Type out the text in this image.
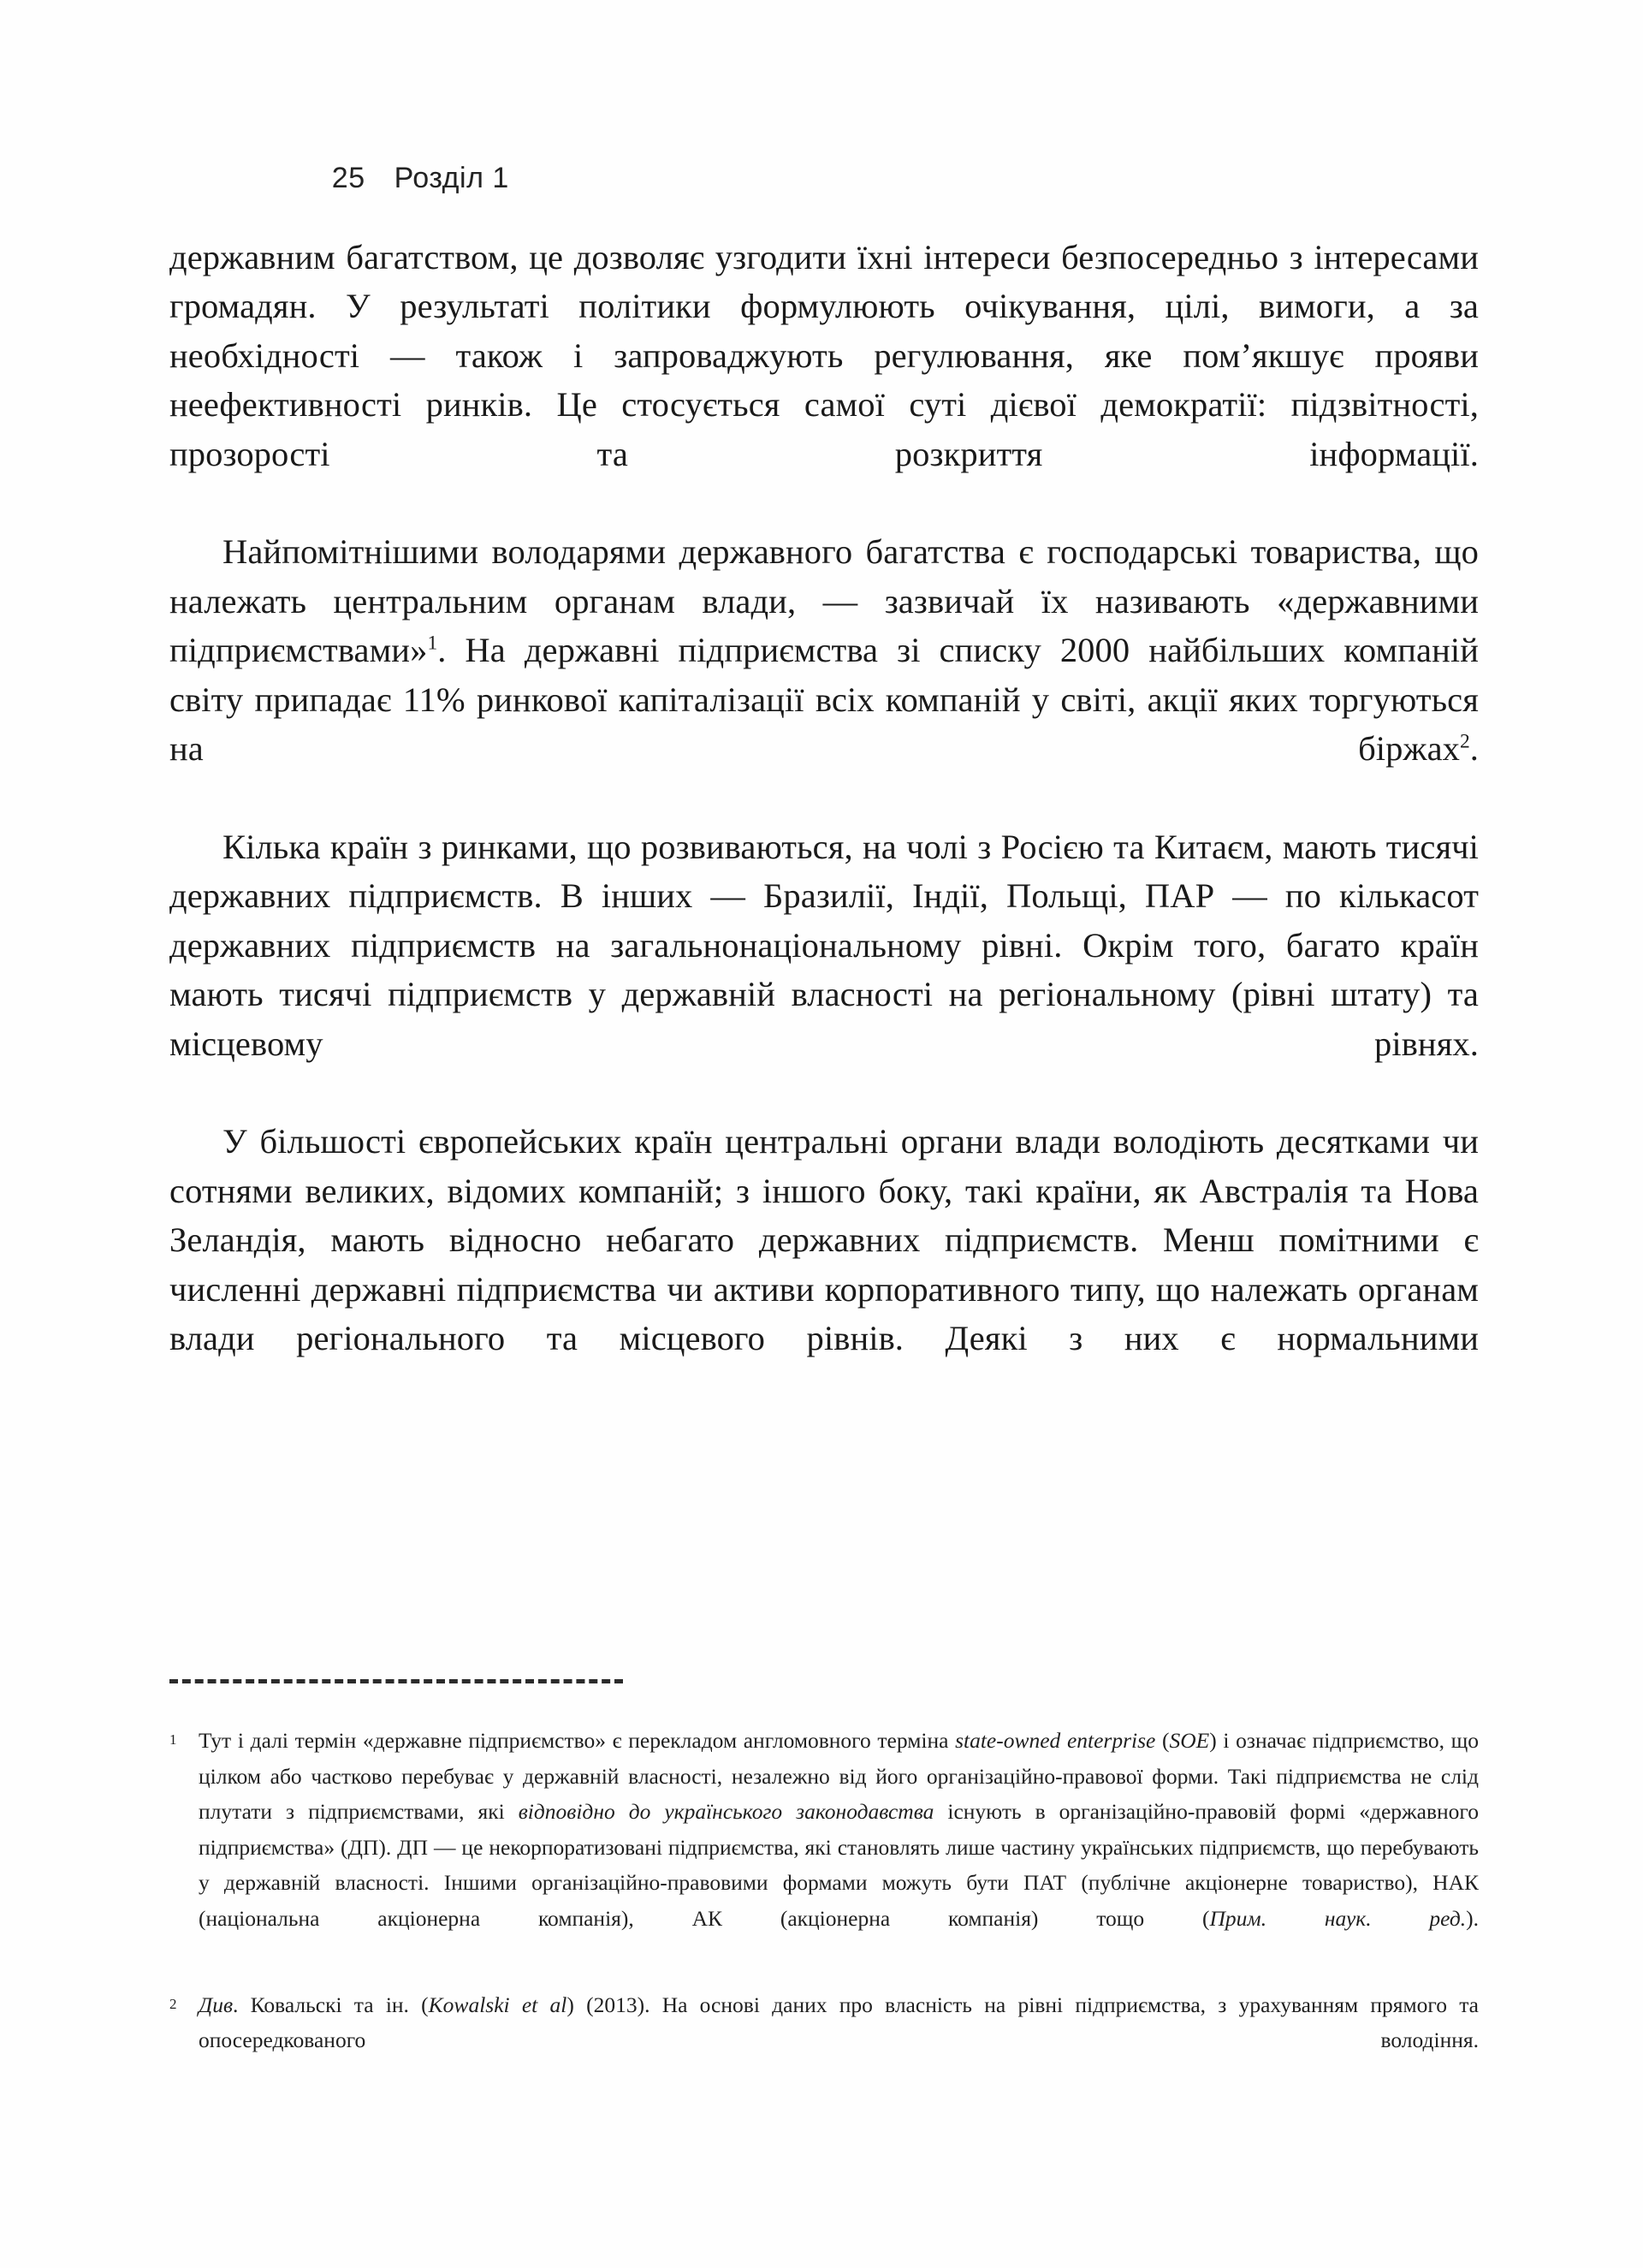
25 Розділ 1

державним багатством, це дозволяє узгодити їхні інтереси безпосередньо з інтересами громадян. У результаті політики формулюють очікування, цілі, вимоги, а за необхідності — також і запроваджують регулювання, яке пом’якшує прояви неефективності ринків. Це стосується самої суті дієвої демократії: підзвітності, прозорості та розкриття інформації.

Найпомітнішими володарями державного багатства є господарські товариства, що належать центральним органам влади, — зазвичай їх називають «державними підприємствами»$^1$. На державні підприємства зі списку 2000 найбільших компаній світу припадає 11% ринкової капіталізації всіх компаній у світі, акції яких торгуються на біржах$^2$.

Кілька країн з ринками, що розвиваються, на чолі з Росією та Китаєм, мають тисячі державних підприємств. В інших — Бразилії, Індії, Польщі, ПАР — по кількасот державних підприємств на загальнонаціональному рівні. Окрім того, багато країн мають тисячі підприємств у державній власності на регіональному (рівні штату) та місцевому рівнях.

У більшості європейських країн центральні органи влади володіють десятками чи сотнями великих, відомих компаній; з іншого боку, такі країни, як Австралія та Нова Зеландія, мають відносно небагато державних підприємств. Менш помітними є численні державні підприємства чи активи корпоративного типу, що належать органам влади регіонального та місцевого рівнів. Деякі з них є нормальними

1 Тут і далі термін «державне підприємство» є перекладом англомовного терміна state-owned enterprise (SOE) і означає підприємство, що цілком або частково перебуває у державній власності, незалежно від його організаційно-правової форми. Такі підприємства не слід плутати з підприємствами, які відповідно до українського законодавства існують в організаційно-правовій формі «державного підприємства» (ДП). ДП — це некорпоратизовані підприємства, які становлять лише частину українських підприємств, що перебувають у державній власності. Іншими організаційно-правовими формами можуть бути ПАТ (публічне акціонерне товариство), НАК (національна акціонерна компанія), АК (акціонерна компанія) тощо (Прим. наук. ред.).
2 Див. Ковальскі та ін. (Kowalski et al) (2013). На основі даних про власність на рівні підприємства, з урахуванням прямого та опосередкованого володіння.
